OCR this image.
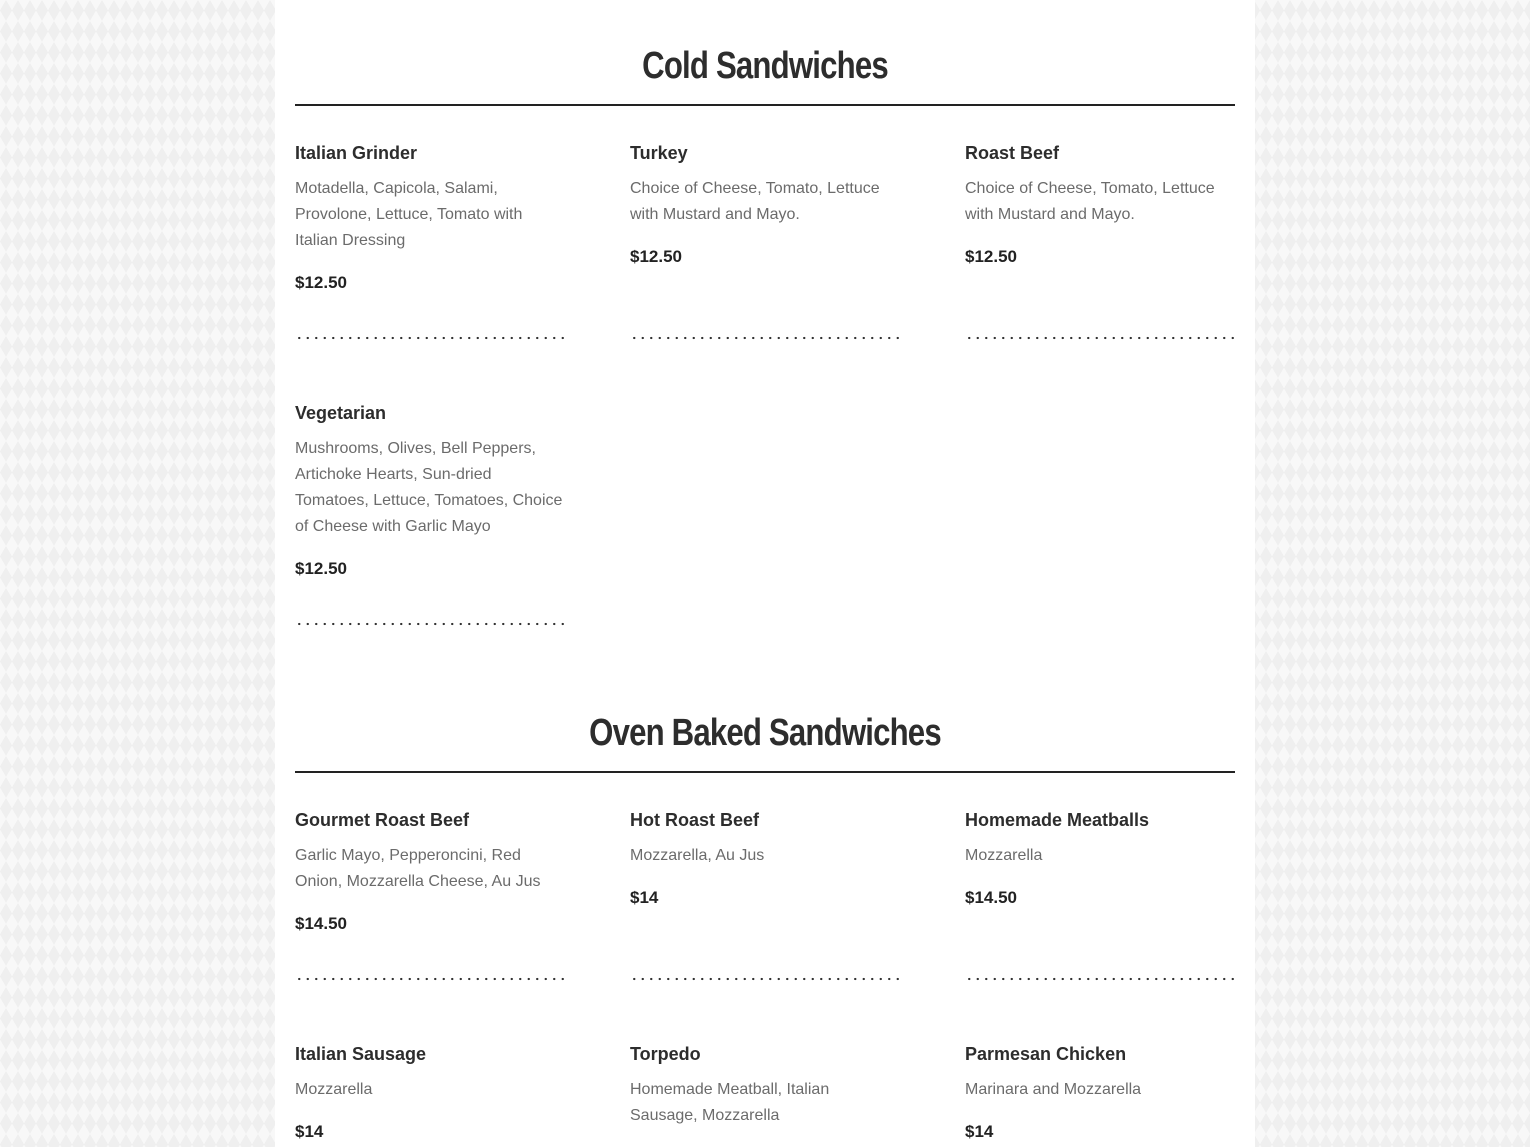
Cold Sandwiches

Italian Grinder

Motadella, Capicola, Salami, Provolone, Lettuce, Tomato with Italian Dressing

$12.50

Turkey

Choice of Cheese, Tomato, Lettuce with Mustard and Mayo.

$12.50

Roast Beef

Choice of Cheese, Tomato, Lettuce with Mustard and Mayo.

$12.50

Vegetarian

Mushrooms, Olives, Bell Peppers, Artichoke Hearts, Sun-dried Tomatoes, Lettuce, Tomatoes, Choice of Cheese with Garlic Mayo

$12.50

Oven Baked Sandwiches

Gourmet Roast Beef

Garlic Mayo, Pepperoncini, Red Onion, Mozzarella Cheese, Au Jus

$14.50

Hot Roast Beef

Mozzarella, Au Jus

$14

Homemade Meatballs

Mozzarella

$14.50

Italian Sausage

Mozzarella

$14

Torpedo

Homemade Meatball, Italian Sausage, Mozzarella

Parmesan Chicken

Marinara and Mozzarella

$14
